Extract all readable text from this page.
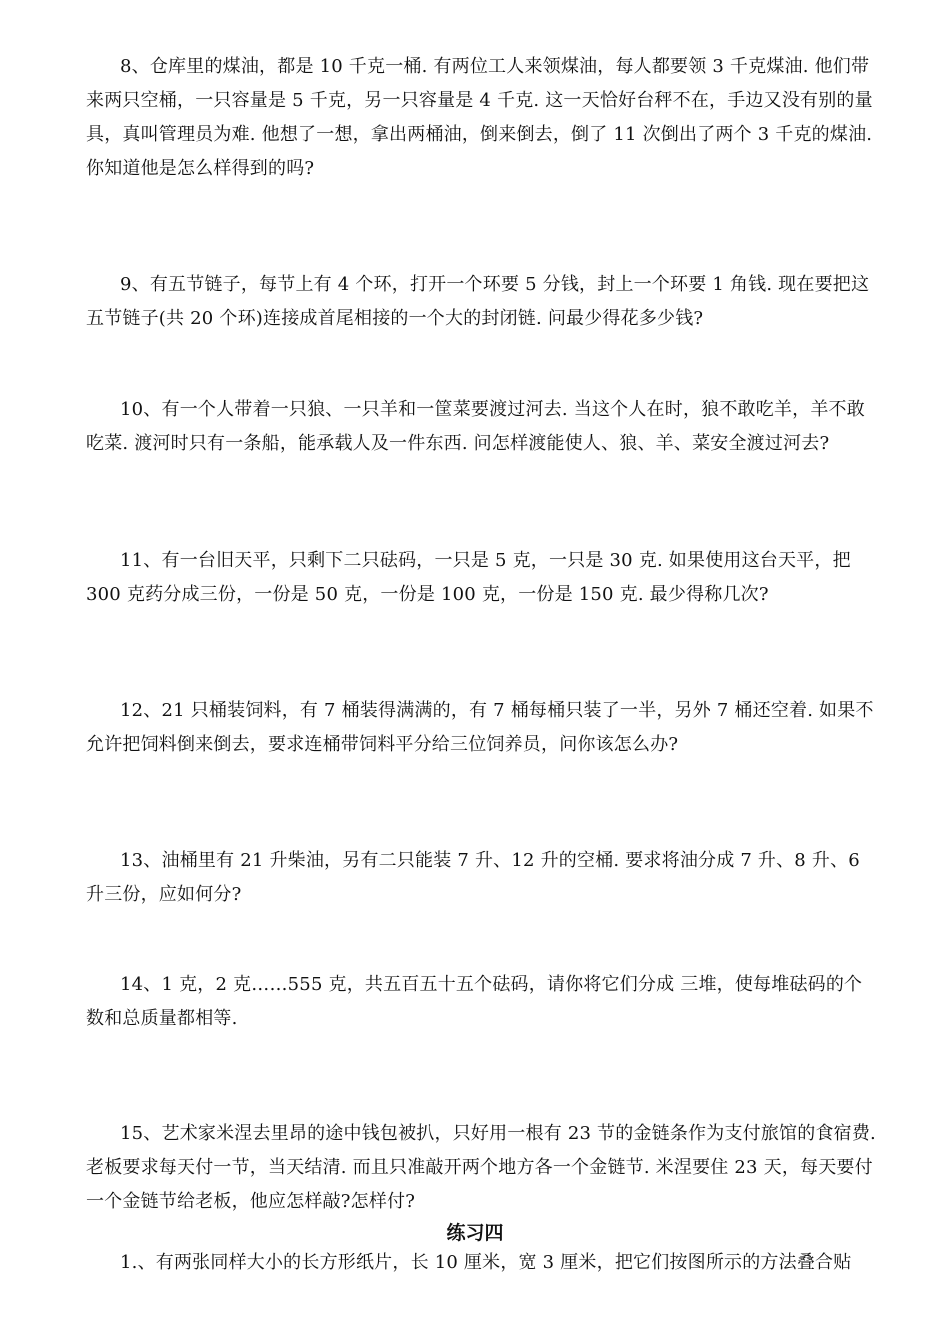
8、仓库里的煤油，都是 10 千克一桶. 有两位工人来领煤油，每人都要领 3 千克煤油. 他们带来两只空桶，一只容量是 5 千克，另一只容量是 4 千克. 这一天恰好台秤不在，手边又没有别的量具，真叫管理员为难. 他想了一想，拿出两桶油，倒来倒去，倒了 11 次倒出了两个 3 千克的煤油. 你知道他是怎么样得到的吗?

9、有五节链子，每节上有 4 个环，打开一个环要 5 分钱，封上一个环要 1 角钱. 现在要把这五节链子(共 20 个环)连接成首尾相接的一个大的封闭链. 问最少得花多少钱?

10、有一个人带着一只狼、一只羊和一筐菜要渡过河去. 当这个人在时，狼不敢吃羊，羊不敢吃菜. 渡河时只有一条船，能承载人及一件东西. 问怎样渡能使人、狼、羊、菜安全渡过河去?

11、有一台旧天平，只剩下二只砝码，一只是 5 克，一只是 30 克. 如果使用这台天平，把 300 克药分成三份，一份是 50 克，一份是 100 克，一份是 150 克. 最少得称几次?

12、21 只桶装饲料，有 7 桶装得满满的，有 7 桶每桶只装了一半，另外 7 桶还空着. 如果不允许把饲料倒来倒去，要求连桶带饲料平分给三位饲养员，问你该怎么办?

13、油桶里有 21 升柴油，另有二只能装 7 升、12 升的空桶. 要求将油分成 7 升、8 升、6 升三份，应如何分?

14、1 克，2 克……555 克，共五百五十五个砝码，请你将它们分成 三堆，使每堆砝码的个数和总质量都相等.

15、艺术家米涅去里昂的途中钱包被扒，只好用一根有 23 节的金链条作为支付旅馆的食宿费. 老板要求每天付一节，当天结清. 而且只准敲开两个地方各一个金链节. 米涅要住 23 天，每天要付一个金链节给老板，他应怎样敲?怎样付?

练习四

1.、有两张同样大小的长方形纸片，长 10 厘米，宽 3 厘米，把它们按图所示的方法叠合贴
